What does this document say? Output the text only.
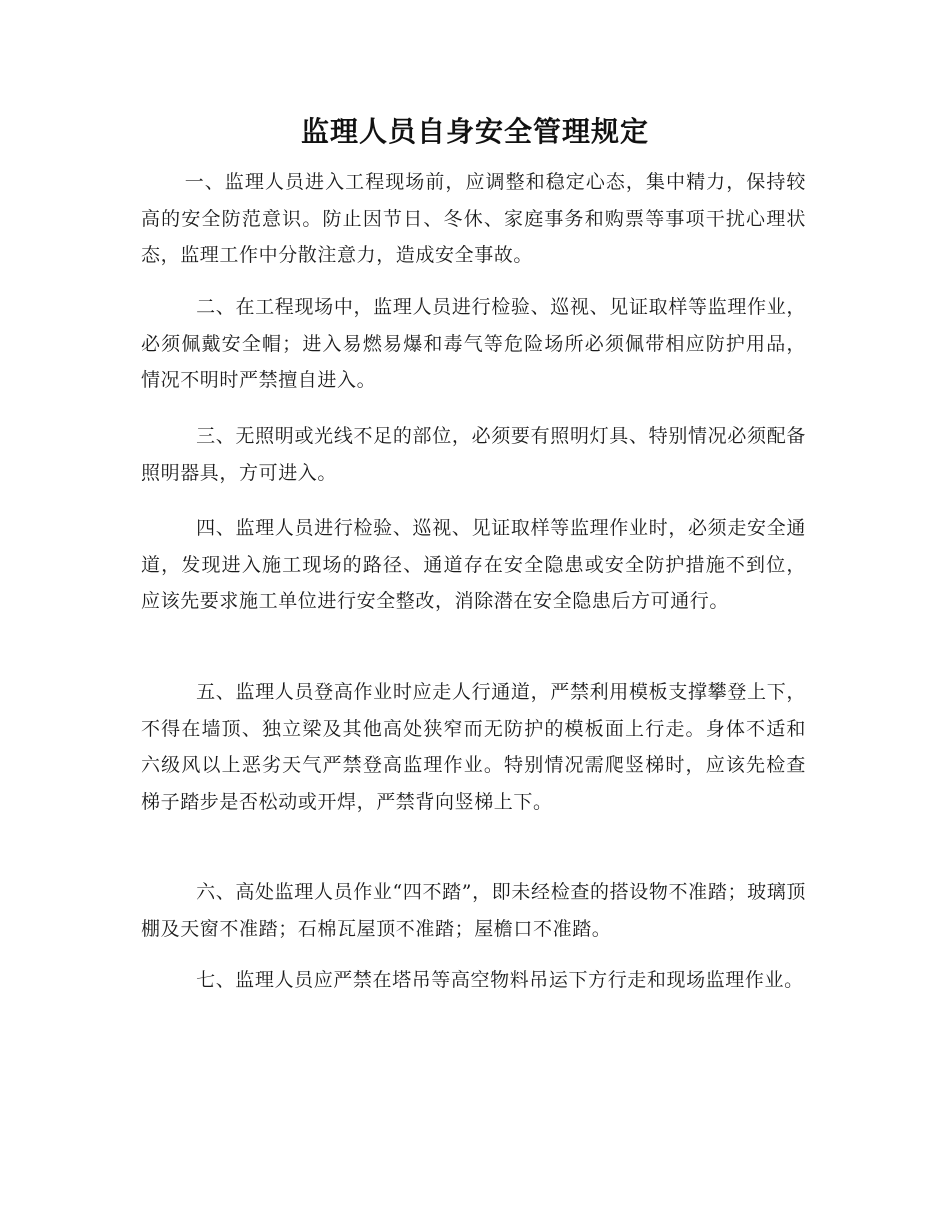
监理人员自身安全管理规定

一、监理人员进入工程现场前，应调整和稳定心态，集中精力，保持较高的安全防范意识。防止因节日、冬休、家庭事务和购票等事项干扰心理状态，监理工作中分散注意力，造成安全事故。

二、在工程现场中，监理人员进行检验、巡视、见证取样等监理作业，必须佩戴安全帽；进入易燃易爆和毒气等危险场所必须佩带相应防护用品，情况不明时严禁擅自进入。

三、无照明或光线不足的部位，必须要有照明灯具、特别情况必须配备照明器具，方可进入。

四、监理人员进行检验、巡视、见证取样等监理作业时，必须走安全通道，发现进入施工现场的路径、通道存在安全隐患或安全防护措施不到位，应该先要求施工单位进行安全整改，消除潜在安全隐患后方可通行。

五、监理人员登高作业时应走人行通道，严禁利用模板支撑攀登上下，不得在墙顶、独立梁及其他高处狭窄而无防护的模板面上行走。身体不适和六级风以上恶劣天气严禁登高监理作业。特别情况需爬竖梯时，应该先检查梯子踏步是否松动或开焊，严禁背向竖梯上下。

六、高处监理人员作业“四不踏”，即未经检查的搭设物不准踏；玻璃顶棚及天窗不准踏；石棉瓦屋顶不准踏；屋檐口不准踏。

七、监理人员应严禁在塔吊等高空物料吊运下方行走和现场监理作业。
